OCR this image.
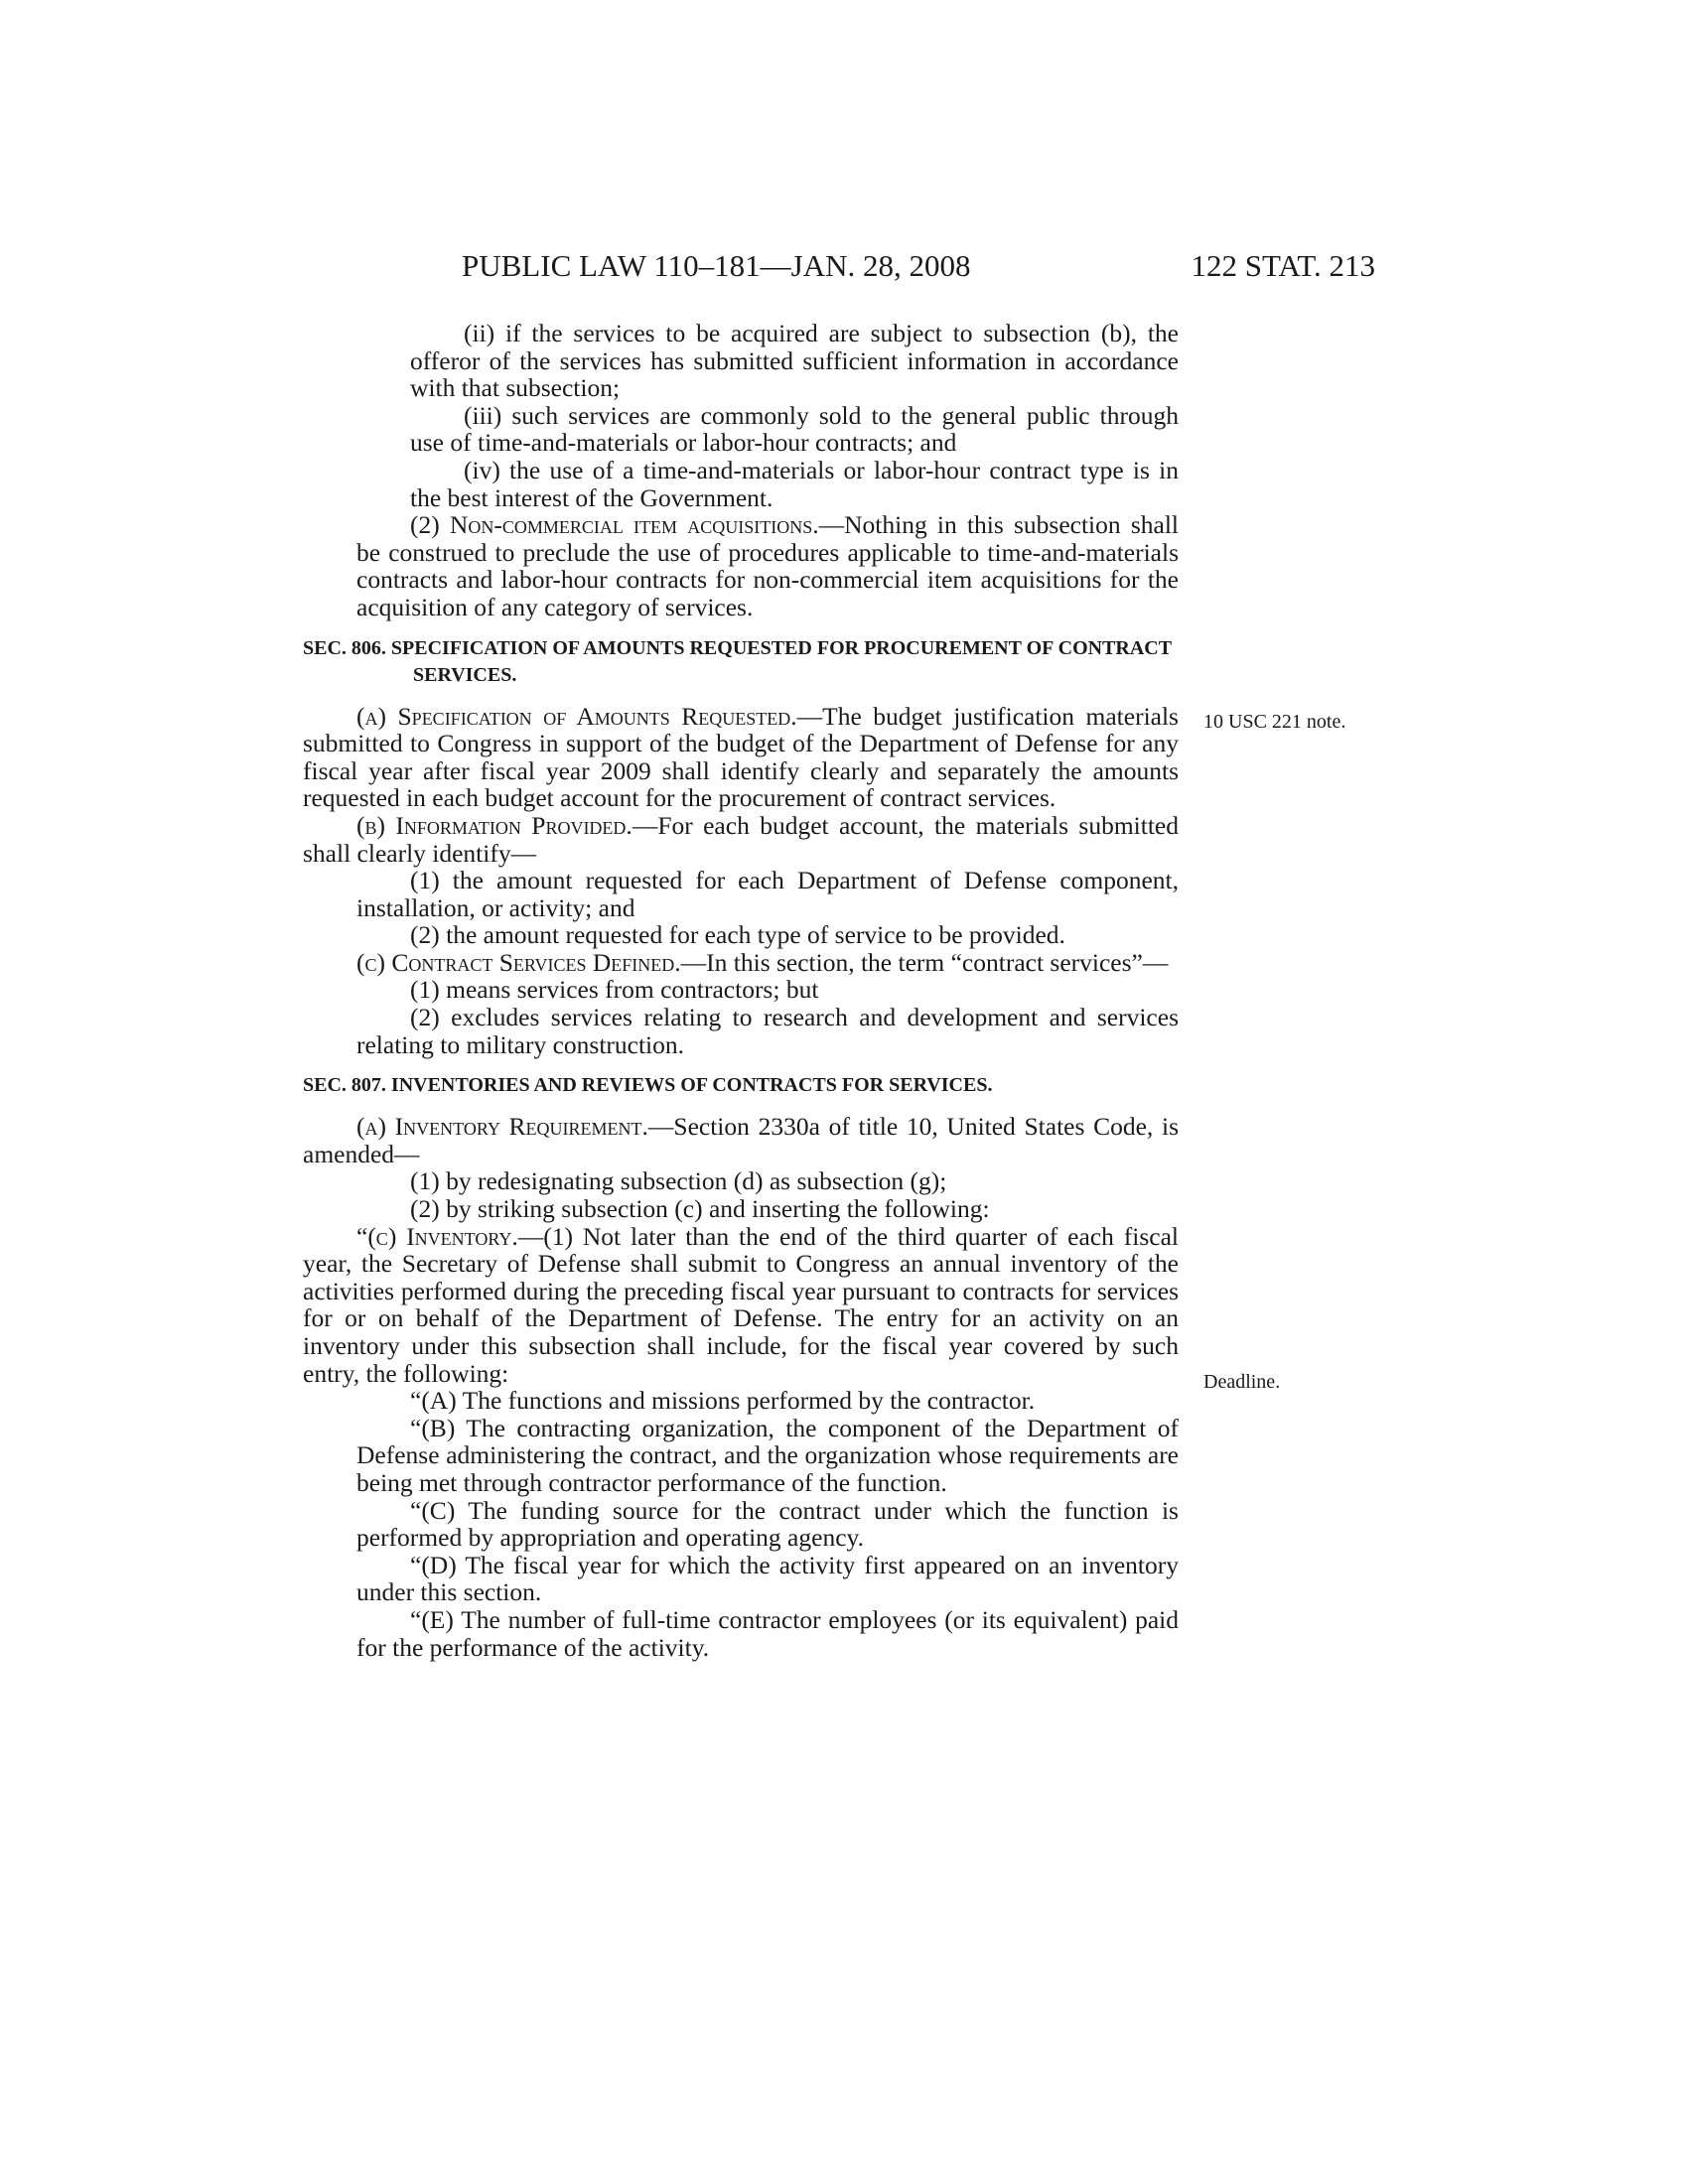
PUBLIC LAW 110–181—JAN. 28, 2008	122 STAT. 213
10 USC 221 note.
Deadline.

(ii) if the services to be acquired are subject to subsection (b), the offeror of the services has submitted sufficient information in accordance with that subsection;

(iii) such services are commonly sold to the general public through use of time-and-materials or labor-hour contracts; and

(iv) the use of a time-and-materials or labor-hour contract type is in the best interest of the Government.

(2) Non-commercial item acquisitions.—Nothing in this subsection shall be construed to preclude the use of procedures applicable to time-and-materials contracts and labor-hour contracts for non-commercial item acquisitions for the acquisition of any category of services.

SEC. 806. SPECIFICATION OF AMOUNTS REQUESTED FOR PROCUREMENT OF CONTRACT SERVICES.

(a) Specification of Amounts Requested.—The budget justification materials submitted to Congress in support of the budget of the Department of Defense for any fiscal year after fiscal year 2009 shall identify clearly and separately the amounts requested in each budget account for the procurement of contract services.

(b) Information Provided.—For each budget account, the materials submitted shall clearly identify—

(1) the amount requested for each Department of Defense component, installation, or activity; and

(2) the amount requested for each type of service to be provided.

(c) Contract Services Defined.—In this section, the term “contract services”—

(1) means services from contractors; but

(2) excludes services relating to research and development and services relating to military construction.

SEC. 807. INVENTORIES AND REVIEWS OF CONTRACTS FOR SERVICES.

(a) Inventory Requirement.—Section 2330a of title 10, United States Code, is amended—

(1) by redesignating subsection (d) as subsection (g);

(2) by striking subsection (c) and inserting the following:

“(c) Inventory.—(1) Not later than the end of the third quarter of each fiscal year, the Secretary of Defense shall submit to Congress an annual inventory of the activities performed during the preceding fiscal year pursuant to contracts for services for or on behalf of the Department of Defense. The entry for an activity on an inventory under this subsection shall include, for the fiscal year covered by such entry, the following:

“(A) The functions and missions performed by the contractor.

“(B) The contracting organization, the component of the Department of Defense administering the contract, and the organization whose requirements are being met through contractor performance of the function.

“(C) The funding source for the contract under which the function is performed by appropriation and operating agency.

“(D) The fiscal year for which the activity first appeared on an inventory under this section.

“(E) The number of full-time contractor employees (or its equivalent) paid for the performance of the activity.
